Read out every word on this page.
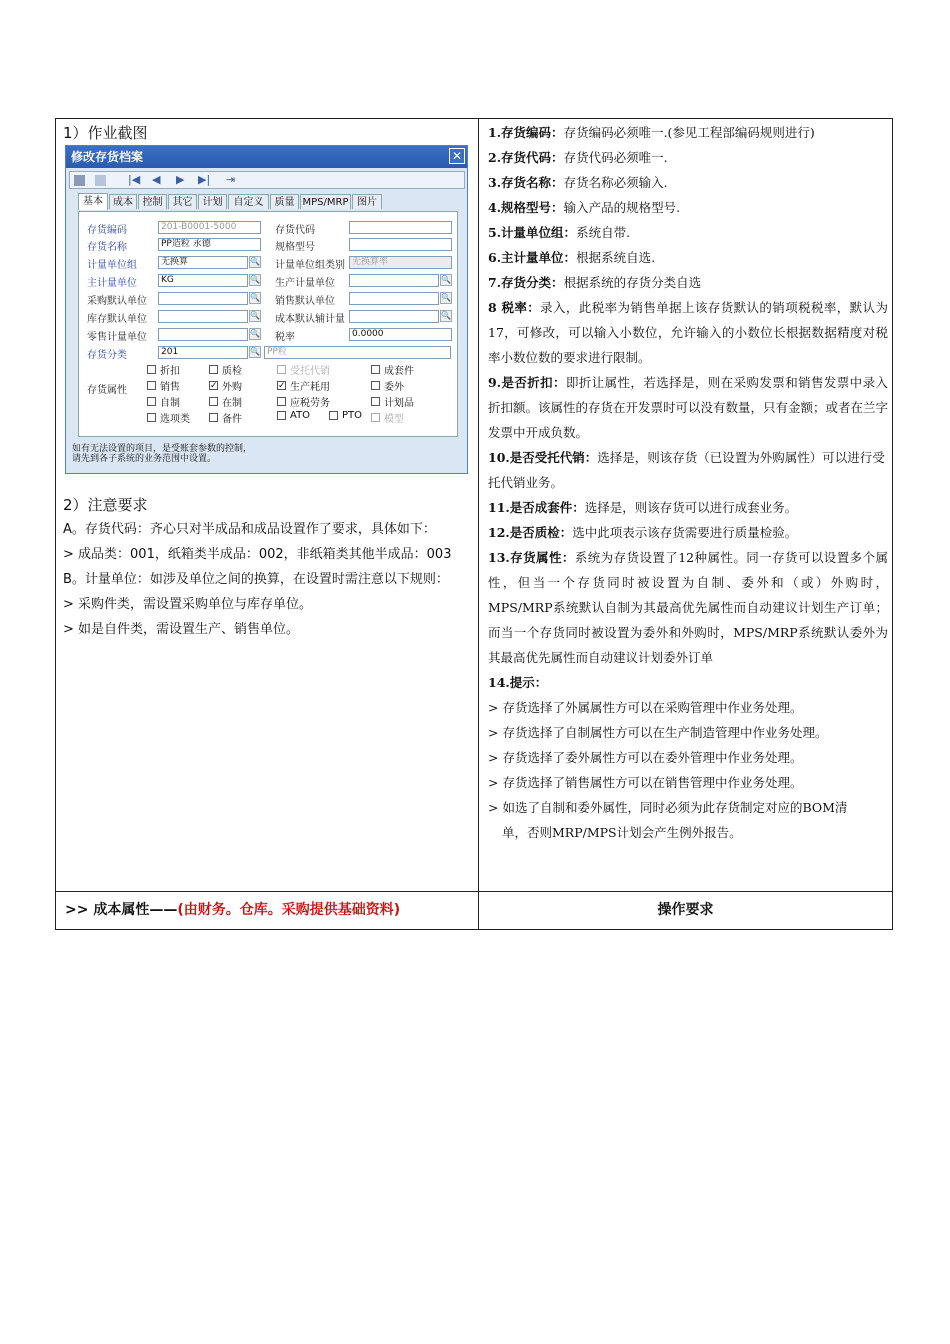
1）作业截图
修改存货档案	✕
|◀ ◀ ▶ ▶| ⇥
基本	成本 控制	其它	计划	自定义	质量 MPS/MRP 图片
存货编码
存货名称
计量单位组
主计量单位
采购默认单位
库存默认单位
零售计量单位
存货分类
201-B0001-5000
PP造粒 永德
无换算	🔍
KG	🔍
🔍
🔍
🔍
201	🔍 PP粒
存货代码
规格型号
计量单位组类别
生产计量单位
销售默认单位
成本默认辅计量
税率
无换算率
🔍
🔍
🔍
0.0000
存货属性
折扣	质检	受托代销	成套件
销售	✓ 外购	✓ 生产耗用	委外
自制	在制	应税劳务	计划品
选项类	备件	ATO	PTO 模型
如有无法设置的项目，是受账套参数的控制，
请先到各子系统的业务范围中设置。
2）注意要求
A。存货代码：齐心只对半成品和成品设置作了要求，具体如下：
> 成品类：001，纸箱类半成品：002，非纸箱类其他半成品：003
B。计量单位：如涉及单位之间的换算，在设置时需注意以下规则：
> 采购件类，需设置采购单位与库存单位。
> 如是自件类，需设置生产、销售单位。

1.存货编码：存货编码必须唯一.(参见工程部编码规则进行)

2.存货代码：存货代码必须唯一.

3.存货名称：存货名称必须输入.

4.规格型号：输入产品的规格型号.

5.计量单位组：系统自带.

6.主计量单位：根据系统自选.

7.存货分类：根据系统的存货分类自选

8 税率：录入，此税率为销售单据上该存货默认的销项税税率，默认为17，可修改，可以输入小数位，允许输入的小数位长根据数据精度对税率小数位数的要求进行限制。

9.是否折扣：即折让属性，若选择是，则在采购发票和销售发票中录入折扣额。该属性的存货在开发票时可以没有数量，只有金额；或者在兰字发票中开成负数。

10.是否受托代销：选择是，则该存货（已设置为外购属性）可以进行受托代销业务。

11.是否成套件：选择是，则该存货可以进行成套业务。

12.是否质检：选中此项表示该存货需要进行质量检验。

13.存货属性：系统为存货设置了12种属性。同一存货可以设置多个属性，但当一个存货同时被设置为自制、委外和（或）外购时，MPS/MRP系统默认自制为其最高优先属性而自动建议计划生产订单；而当一个存货同时被设置为委外和外购时，MPS/MRP系统默认委外为其最高优先属性而自动建议计划委外订单

14.提示：

> 存货选择了外属属性方可以在采购管理中作业务处理。

> 存货选择了自制属性方可以在生产制造管理中作业务处理。

> 存货选择了委外属性方可以在委外管理中作业务处理。

> 存货选择了销售属性方可以在销售管理中作业务处理。

> 如选了自制和委外属性，同时必须为此存货制定对应的BOM清

单，否则MRP/MPS计划会产生例外报告。

>> 成本属性——(由财务。仓库。采购提供基础资料)	操作要求
